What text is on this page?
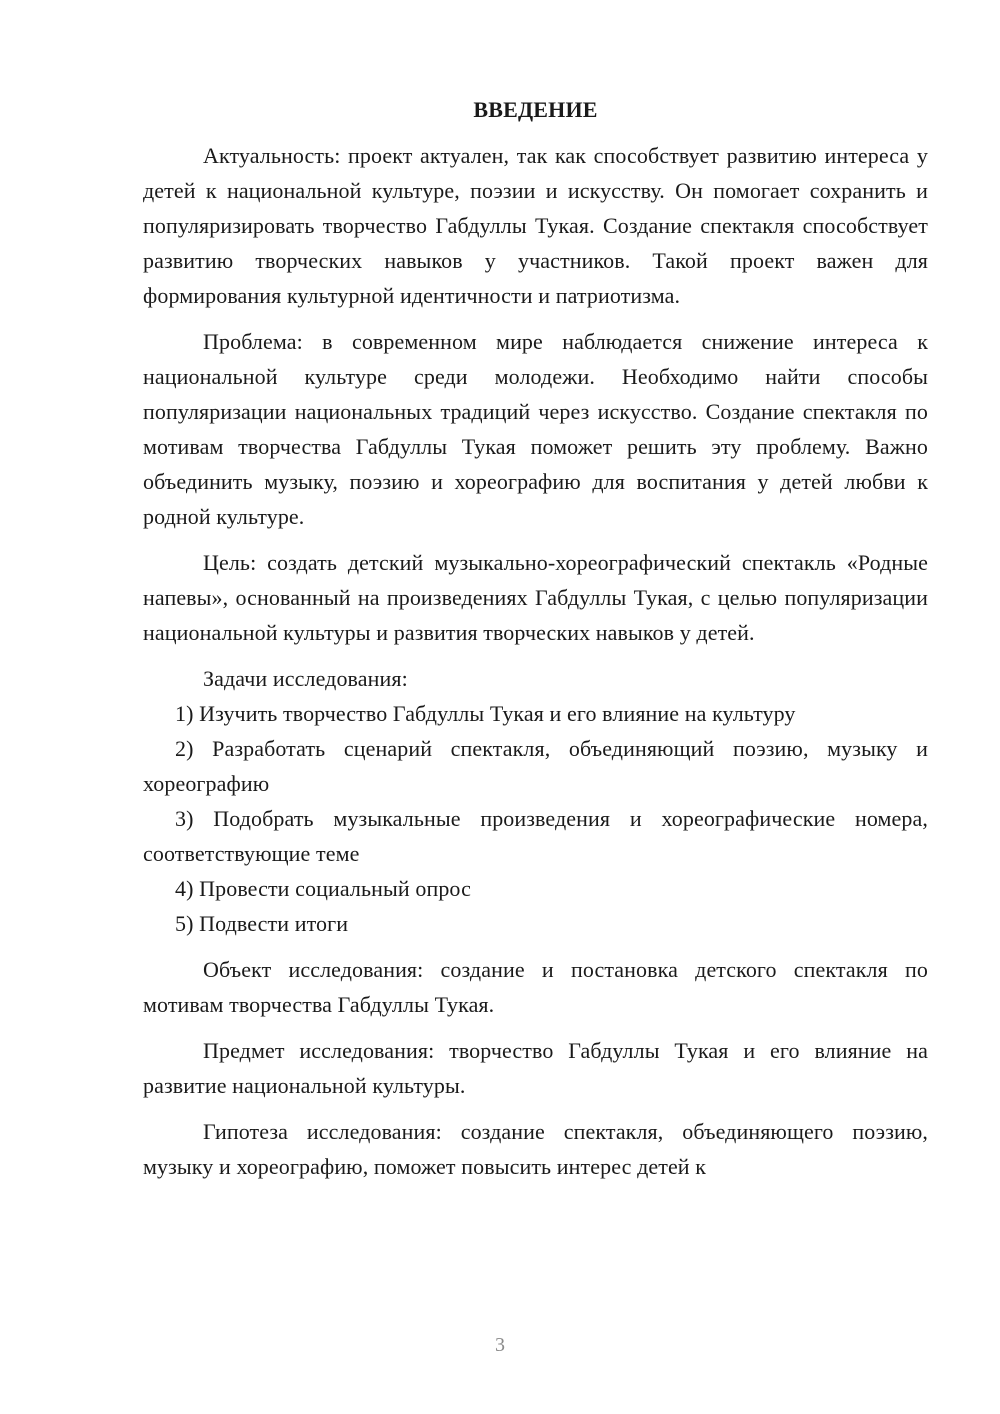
ВВЕДЕНИЕ

Актуальность: проект актуален, так как способствует развитию интереса у детей к национальной культуре, поэзии и искусству. Он помогает сохранить и популяризировать творчество Габдуллы Тукая. Создание спектакля способствует развитию творческих навыков у участников. Такой проект важен для формирования культурной идентичности и патриотизма.

Проблема: в современном мире наблюдается снижение интереса к национальной культуре среди молодежи. Необходимо найти способы популяризации национальных традиций через искусство. Создание спектакля по мотивам творчества Габдуллы Тукая поможет решить эту проблему. Важно объединить музыку, поэзию и хореографию для воспитания у детей любви к родной культуре.

Цель: создать детский музыкально-хореографический спектакль «Родные напевы», основанный на произведениях Габдуллы Тукая, с целью популяризации национальной культуры и развития творческих навыков у детей.

Задачи исследования:

1) Изучить творчество Габдуллы Тукая и его влияние на культуру

2) Разработать сценарий спектакля, объединяющий поэзию, музыку и хореографию

3) Подобрать музыкальные произведения и хореографические номера, соответствующие теме

4) Провести социальный опрос

5) Подвести итоги

Объект исследования: создание и постановка детского спектакля по мотивам творчества Габдуллы Тукая.

Предмет исследования: творчество Габдуллы Тукая и его влияние на развитие национальной культуры.

Гипотеза исследования: создание спектакля, объединяющего поэзию, музыку и хореографию, поможет повысить интерес детей к

3
